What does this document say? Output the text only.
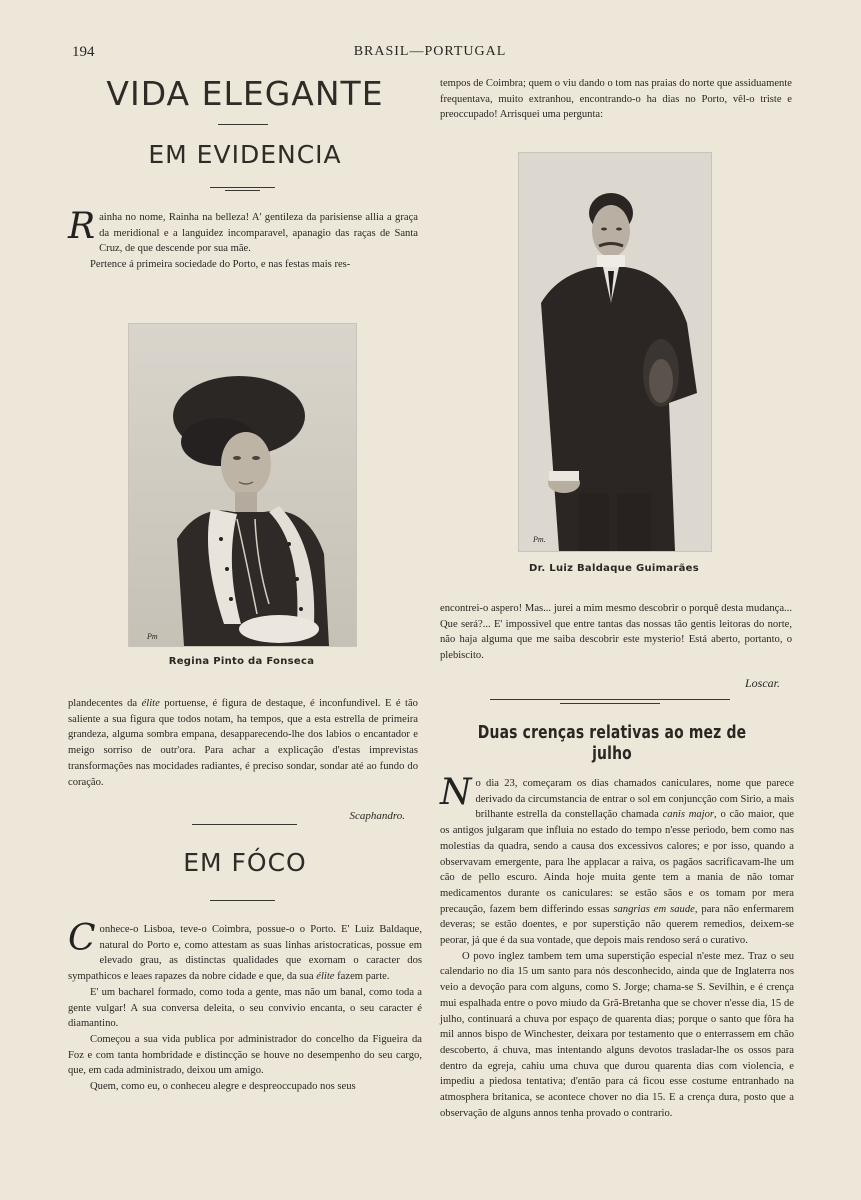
194	BRASIL—PORTUGAL
VIDA ELEGANTE
EM EVIDENCIA

Rainha no nome, Rainha na belleza! A' gentileza da parisiense allia a graça da meridional e a languidez incomparavel, apanagio das raças de Santa Cruz, de que descende por sua mãe.

Pertence á primeira sociedade do Porto, e nas festas mais res-

Pm
Regina Pinto da Fonseca

plandecentes da élite portuense, é figura de destaque, é inconfundivel. E é tão saliente a sua figura que todos notam, ha tempos, que a esta estrella de primeira grandeza, alguma sombra empana, desapparecendo-lhe dos labios o encantador e meigo sorriso de outr'ora. Para achar a explicação d'estas imprevistas transformações nas mocidades radiantes, é preciso sondar, sondar até ao fundo do coração.

Scaphandro.
EM FÓCO

Conhece-o Lisboa, teve-o Coimbra, possue-o o Porto. E' Luiz Baldaque, natural do Porto e, como attestam as suas linhas aristocraticas, possue em elevado grau, as distinctas qualidades que exornam o caracter dos sympathicos e leaes rapazes da nobre cidade e que, da sua élite fazem parte.

E' um bacharel formado, como toda a gente, mas não um banal, como toda a gente vulgar! A sua conversa deleita, o seu convivio encanta, o seu caracter é diamantino.

Começou a sua vida publica por administrador do concelho da Figueira da Foz e com tanta hombridade e distincção se houve no desempenho do seu cargo, que, em cada administrado, deixou um amigo.

Quem, como eu, o conheceu alegre e despreoccupado nos seus

tempos de Coimbra; quem o viu dando o tom nas praias do norte que assiduamente frequentava, muito extranhou, encontrando-o ha dias no Porto, vêl-o triste e preoccupado! Arrisquei uma pergunta:

Pm.
Dr. Luiz Baldaque Guimarães

encontrei-o aspero! Mas... jurei a mim mesmo descobrir o porquê desta mudança... Que será?... E' impossivel que entre tantas das nossas tão gentis leitoras do norte, não haja alguma que me saiba descobrir este mysterio! Está aberto, portanto, o plebiscito.

Loscar.
Duas crenças relativas ao mez de julho

No dia 23, começaram os dias chamados caniculares, nome que parece derivado da circumstancia de entrar o sol em conjuncção com Sirio, a mais brilhante estrella da constellação chamada canis major, o cão maior, que os antigos julgaram que influia no estado do tempo n'esse periodo, bem como nas molestias da quadra, sendo a causa dos excessivos calores; e por isso, quando a observavam emergente, para lhe applacar a raiva, os pagãos sacrificavam-lhe um cão de pello escuro. Ainda hoje muita gente tem a mania de não tomar medicamentos durante os caniculares: se estão sãos e os tomam por mera precaução, fazem bem differindo essas sangrias em saude, para não enfermarem deveras; se estão doentes, e por superstição não querem remedios, deixem-se peorar, já que é da sua vontade, que depois mais rendoso será o curativo.

O povo inglez tambem tem uma superstição especial n'este mez. Traz o seu calendario no dia 15 um santo para nós desconhecido, ainda que de Inglaterra nos veio a devoção para com alguns, como S. Jorge; chama-se S. Sevilhin, e é crença mui espalhada entre o povo miudo da Grã-Bretanha que se chover n'esse dia, 15 de julho, continuará a chuva por espaço de quarenta dias; porque o santo que fôra ha mil annos bispo de Winchester, deixara por testamento que o enterrassem em chão descoberto, á chuva, mas intentando alguns devotos trasladar-lhe os ossos para dentro da egreja, cahiu uma chuva que durou quarenta dias com violencia, e impediu a piedosa tentativa; d'então para cá ficou esse costume entranhado na atmosphera britanica, se acontece chover no dia 15. E a crença dura, posto que a observação de alguns annos tenha provado o contrario.
